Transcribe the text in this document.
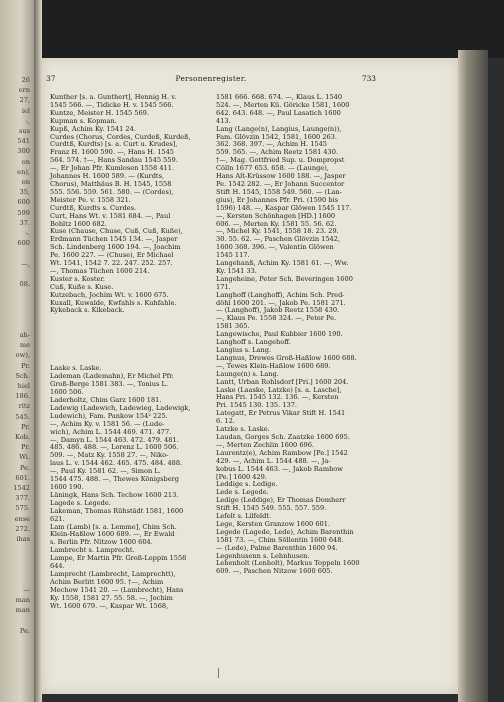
26
ern
27,
iel
-,
sus
541
300
on
en),
on
35,
600
599
37.
-.
600
—,
08.
ah-
me
ow),
Pr.
Sch.
hiel
186.
ritz
545.
Pr.
Kob.
Pr.
Wi.
Pe.
601.
1542
377.
575.
ense
272.
ihas
—
man
man
Pe.
37	Personenregister.	733

Kunther [s. a. Gunthert], Hennig H. v.
1545 566. —, Tidicke H. v. 1545 566.

Kuntze, Meister H. 1545 569.

Kupman s. Kopman.

Kupß, Achim Ky. 1541 24.

Curdes (Chorus, Cordes, Curdeß, Kurdeß,
Curdtß, Kurdts) [s. a. Curt u. Krudes],
Franz H. 1600 590. —, Hans H. 1545
564. 574. †—, Hans Sandau 1545 559.
—, Er Johan Pfr. Kumlosen 1558 411.
Johannes H. 1600 589. — (Kurdts,
Chorus), Matthäus B. H. 1545, 1558
555. 556. 559. 561. 580. — (Cordes),
Meister Pe. v. 1558 321.

Curdtß, Kurdts s. Curdes.

Curt, Hans Wt. v. 1581 684. —, Paul
Bohltz 1600 682.

Kuse (Chause, Chuse, Cuß, Cuß, Kuße),
Erdmann Tüchen 1545 134. —, Jasper
Sch. Lindenberg 1600 194. —, Joachim
Pe. 1600 227. — (Chuse), Er Michael
Wt. 1541, 1542 7. 22. 247. 252. 257.
—, Thomas Tüchen 1600 214.

Kuster s. Koster.

Cuß, Kuße s. Kuse.

Kutzebach, Jochim Wt. v. 1600 675.

Kuxall, Kuwalde, Kwfahls s. Kuhfahle.

Kykeback s. Kikeback.

Laake s. Laske.

Lademan (Lademahn), Er Michel Pfr.
Groß-Berge 1581 383. —, Tonius L.
1600 506.

Laderholtz, Chim Garz 1600 181.

Ladewig (Ladewich, Ladewieg, Ladewigk,
Ludewich), Fam. Pankow 154² 225.
—, Achim Ky. v. 1581 56. — (Lude-
wich), Achim L. 1544 469. 471. 477.
—, Damyn L. 1544 463. 472. 479. 481.
485. 486. 488. —, Lorenz L. 1600 506.
509. —, Matz Ky. 1558 27. —, Niko-
laus L. v. 1544 462. 465. 475. 484. 488.
—, Paul Ky. 1581 62. —, Simon L.
1544 475. 488. —, Thewes Königsberg
1600 190.

Läningk, Hans Sch. Techow 1600 213.

Lagede s. Legede.

Lakeman, Thomas Rühstädt 1581, 1600
621.

Lam (Lamb) [s. a. Lemme], Chim Sch.
Klein-Haßlow 1600 689. —, Er Ewald
s. Berlin Pfr. Nitzow 1600 604.

Lambrecht s. Lamprecht.

Lampe, Er Martin Pfr. Groß-Leppin 1558
644.

Lamprecht (Lambrecht, Lamprechtt),
Achim Berlitt 1600 95. †—, Achim
Mechow 1541 20. — (Lambrecht), Hans
Ky. 1558, 1581 27. 55. 58. —, Jochim
Wt. 1600 679. —, Kaspar Wt. 1568,

1581 666. 668. 674. —, Klaus L. 1540
524. —, Merten Kü. Göricke 1581, 1600
642. 643. 648. —, Paul Lasatich 1600
413.

Lang (Lange(n), Langius, Launge(n)),
Fam. Glövzin 1542, 1581, 1600 263.
362. 368. 397. —, Achim H. 1545
559. 565. —, Achim Reetz 1581 430.
†—, Mag. Gottfried Sup. u. Dompropst
Cölln 1677 653. 658. — (Launge),
Hans Alt-Krüssow 1600 188. —, Jasper
Pe. 1542 282. —, Er Johann Succentor
Stift H. 1545, 1558 549. 560. — (Lan-
gius), Er Johannes Pfr. Pri. (1590 bis
1596) 148. —, Kaspar Glöwen 1545 117.
—, Kersten Schönhagen [HD.] 1600
606. —, Merten Ky. 1581 55. 56. 62.
—, Michel Ky. 1541, 1558 18. 23. 29.
30. 55. 62. —, Paschen Glövzin 1542,
1600 368. 396. —, Valentin Glöwen
1545 117.

Langehanß, Achim Ky. 1581 61. —, Ww.
Ky. 1541 33.

Langeheine, Peter Sch. Beveringen 1600
171.

Langhoff (Langhoff), Achim Sch. Pred-
döhl 1600 201. —, Jakob Pe. 1581 271.
— (Langhoff), Jakob Reetz 1558 430.
—, Klaus Pe. 1558 324. —, Peter Pe.
1581 365.

Langewische, Paul Kubbier 1600 190.

Langhoff s. Langehoff.

Langius s. Lang.

Langnus, Drewes Groß-Haßlow 1600 688.
—, Tewes Klein-Haßlow 1600 689.

Launge(n) s. Lang.

Lantt, Urban Rohlsdorf [Pri.] 1600 204.

Laske (Laaske, Latzke) [s. a. Lasche],
Hans Pri. 1545 132. 136. —, Kersten
Pri. 1545 130. 135. 137.

Lategatt, Er Petrus Vikar Stift H. 1541
6. 12.

Latzke s. Laske.

Laudan, Gorges Sch. Zaatzke 1600 695.
—, Merten Zechlin 1600 696.

Laurentz(e), Achim Rambow [Pe.] 1542
429. —, Achim L. 1544 488. —, Ja-
kobus L. 1544 463. —, Jakob Rambow
[Pe.] 1600 429.

Leddige s. Ledige.

Lede s. Legede.

Ledige (Leddige), Er Thomas Domherr
Stift H. 1545 549. 555. 557. 559.

Lefelt s. Lilfeldt.

Lege, Kersten Granzow 1600 601.

Legede (Lagede, Lede), Achim Barenthin
1581 73. —, Chim Söllentin 1600 648.
— (Lede), Palme Barenthin 1600 94.

Legenhusenn s. Lehnhusen.

Lehenholt (Lenholt), Markus Toppeln 1600
609. —, Paschen Nitzow 1600 605.
